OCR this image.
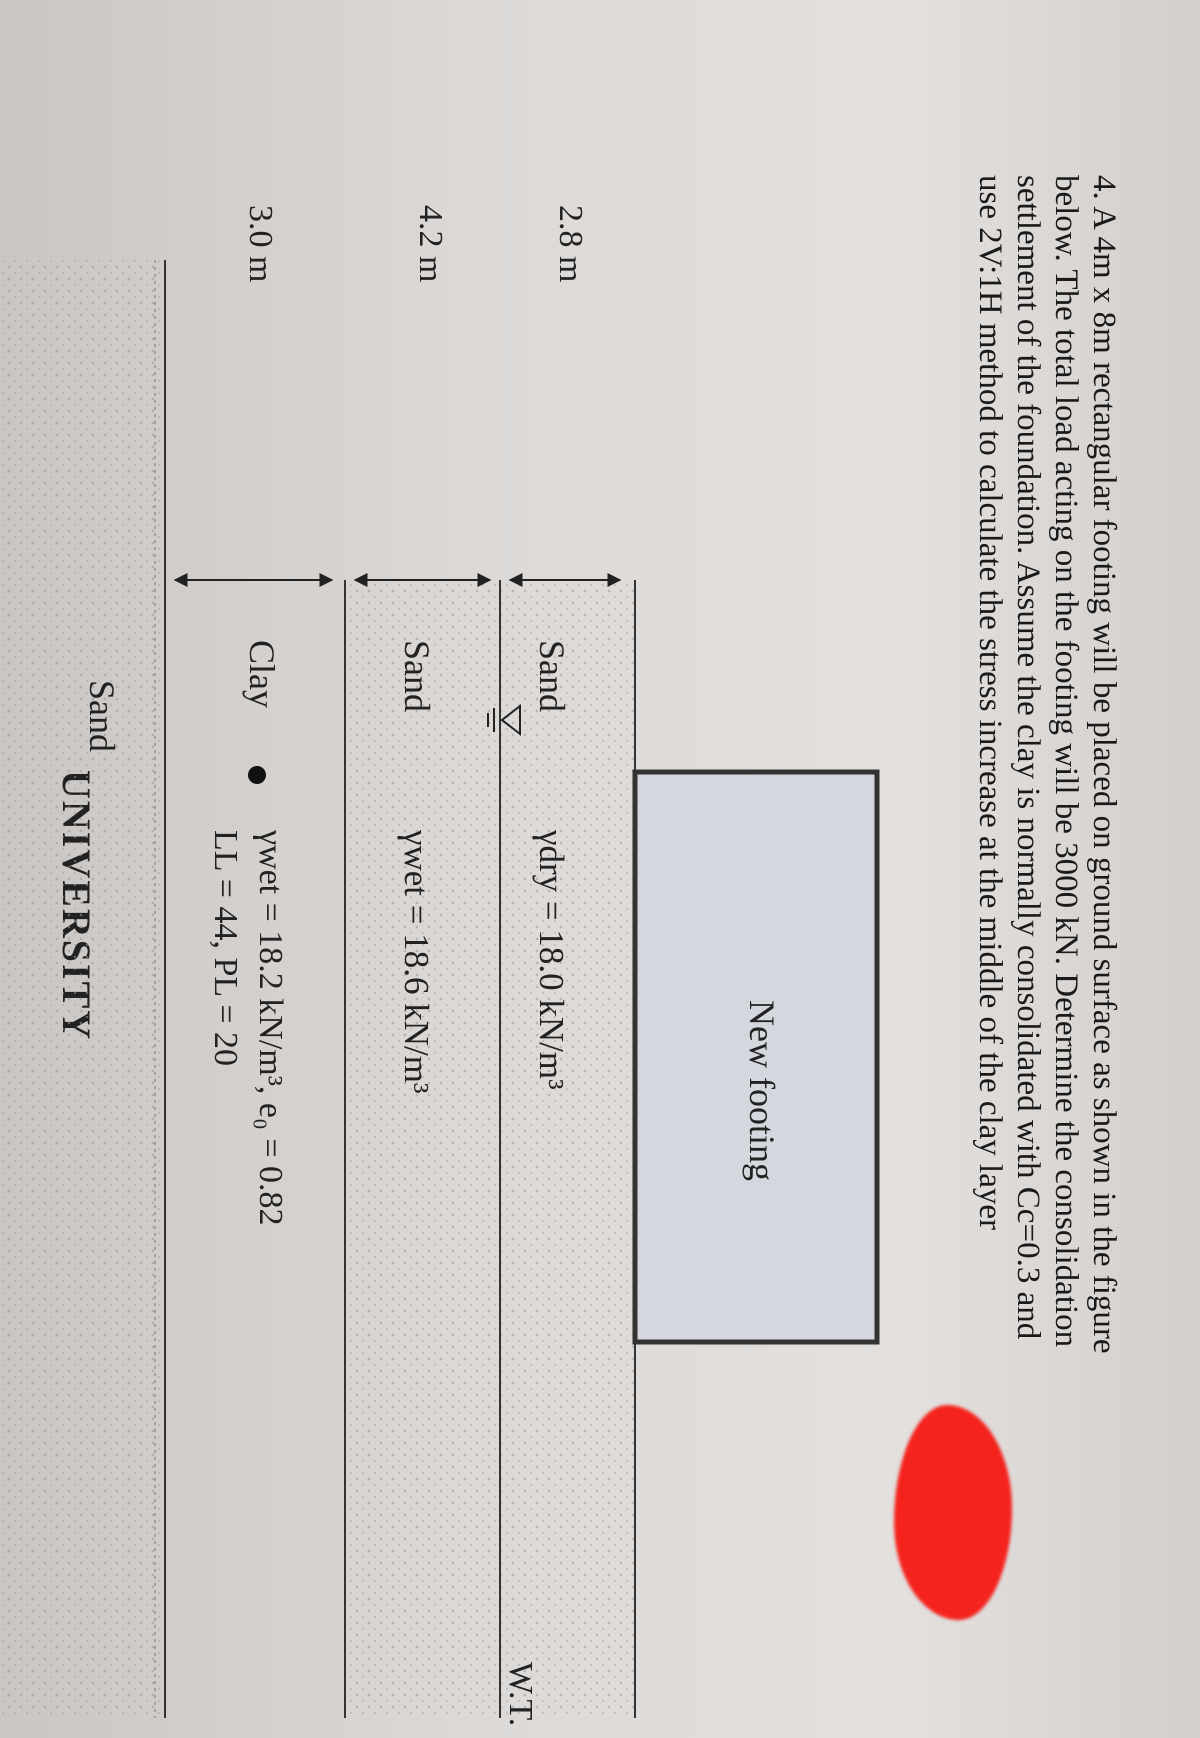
4. A 4m x 8m rectangular footing will be placed on ground surface as shown in the figure
below. The total load acting on the footing will be 3000 kN. Determine the consolidation
settlement of the foundation. Assume the clay is normally consolidated with Cc=0.3 and
use 2V:1H method to calculate the stress increase at the middle of the clay layer
New footing
2.8 m
4.2 m
3.0 m
Sand
γdry = 18.0 kN/m³
Sand
γwet = 18.6 kN/m³
Clay
γwet = 18.2 kN/m³, e₀ = 0.82
LL = 44, PL = 20
Sand
W.T.
